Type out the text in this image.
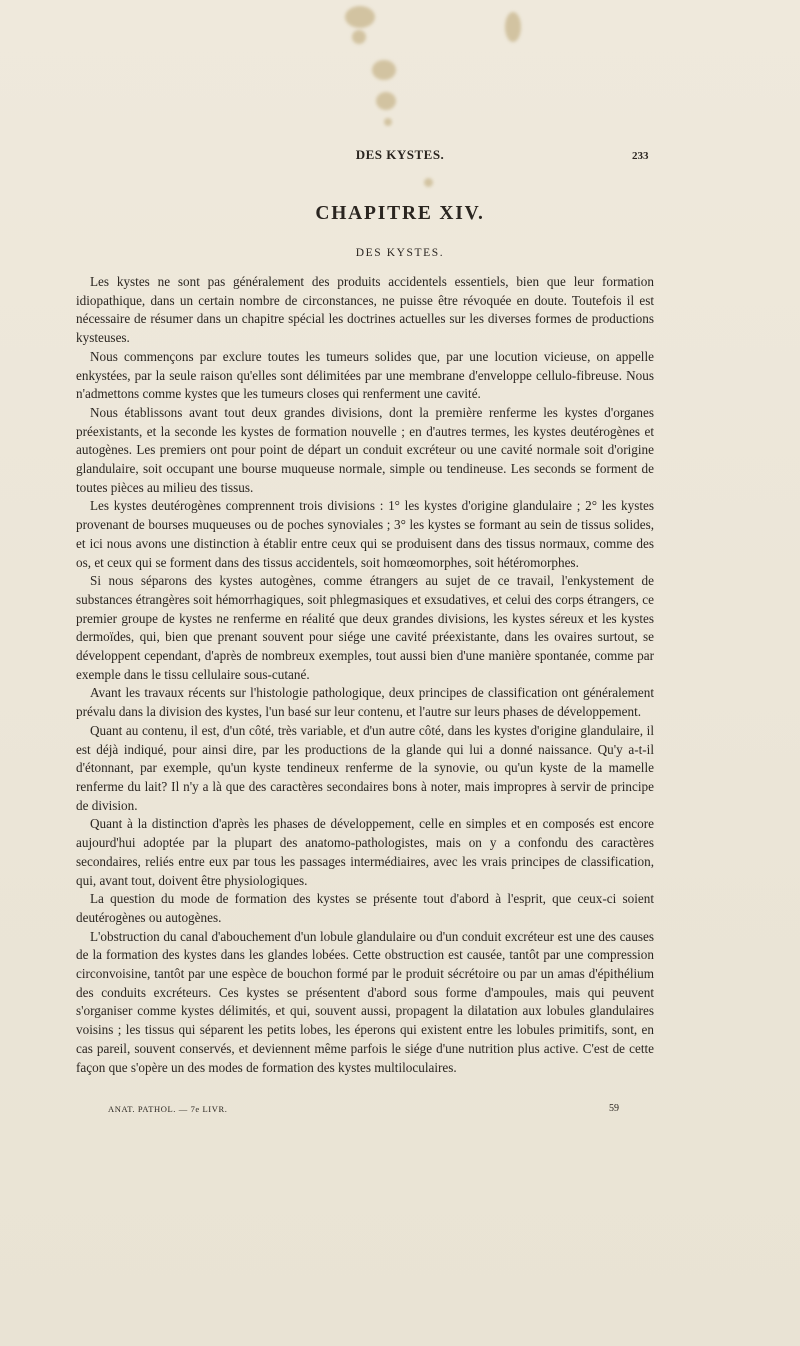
DES KYSTES.	233
CHAPITRE XIV.
DES KYSTES.

Les kystes ne sont pas généralement des produits accidentels essentiels, bien que leur formation idiopathique, dans un certain nombre de circonstances, ne puisse être révoquée en doute. Toutefois il est nécessaire de résumer dans un chapitre spécial les doctrines actuelles sur les diverses formes de productions kysteuses.

Nous commençons par exclure toutes les tumeurs solides que, par une locution vicieuse, on appelle enkystées, par la seule raison qu'elles sont délimitées par une membrane d'enveloppe cellulo-fibreuse. Nous n'admettons comme kystes que les tumeurs closes qui renferment une cavité.

Nous établissons avant tout deux grandes divisions, dont la première renferme les kystes d'organes préexistants, et la seconde les kystes de formation nouvelle ; en d'autres termes, les kystes deutérogènes et autogènes. Les premiers ont pour point de départ un conduit excréteur ou une cavité normale soit d'origine glandulaire, soit occupant une bourse muqueuse normale, simple ou tendineuse. Les seconds se forment de toutes pièces au milieu des tissus.

Les kystes deutérogènes comprennent trois divisions : 1° les kystes d'origine glandulaire ; 2° les kystes provenant de bourses muqueuses ou de poches synoviales ; 3° les kystes se formant au sein de tissus solides, et ici nous avons une distinction à établir entre ceux qui se produisent dans des tissus normaux, comme des os, et ceux qui se forment dans des tissus accidentels, soit homœomorphes, soit hétéromorphes.

Si nous séparons des kystes autogènes, comme étrangers au sujet de ce travail, l'enkystement de substances étrangères soit hémorrhagiques, soit phlegmasiques et exsudatives, et celui des corps étrangers, ce premier groupe de kystes ne renferme en réalité que deux grandes divisions, les kystes séreux et les kystes dermoïdes, qui, bien que prenant souvent pour siége une cavité préexistante, dans les ovaires surtout, se développent cependant, d'après de nombreux exemples, tout aussi bien d'une manière spontanée, comme par exemple dans le tissu cellulaire sous-cutané.

Avant les travaux récents sur l'histologie pathologique, deux principes de classification ont généralement prévalu dans la division des kystes, l'un basé sur leur contenu, et l'autre sur leurs phases de développement.

Quant au contenu, il est, d'un côté, très variable, et d'un autre côté, dans les kystes d'origine glandulaire, il est déjà indiqué, pour ainsi dire, par les productions de la glande qui lui a donné naissance. Qu'y a-t-il d'étonnant, par exemple, qu'un kyste tendineux renferme de la synovie, ou qu'un kyste de la mamelle renferme du lait? Il n'y a là que des caractères secondaires bons à noter, mais impropres à servir de principe de division.

Quant à la distinction d'après les phases de développement, celle en simples et en composés est encore aujourd'hui adoptée par la plupart des anatomo-pathologistes, mais on y a confondu des caractères secondaires, reliés entre eux par tous les passages intermédiaires, avec les vrais principes de classification, qui, avant tout, doivent être physiologiques.

La question du mode de formation des kystes se présente tout d'abord à l'esprit, que ceux-ci soient deutérogènes ou autogènes.

L'obstruction du canal d'abouchement d'un lobule glandulaire ou d'un conduit excréteur est une des causes de la formation des kystes dans les glandes lobées. Cette obstruction est causée, tantôt par une compression circonvoisine, tantôt par une espèce de bouchon formé par le produit sécrétoire ou par un amas d'épithélium des conduits excréteurs. Ces kystes se présentent d'abord sous forme d'ampoules, mais qui peuvent s'organiser comme kystes délimités, et qui, souvent aussi, propagent la dilatation aux lobules glandulaires voisins ; les tissus qui séparent les petits lobes, les éperons qui existent entre les lobules primitifs, sont, en cas pareil, souvent conservés, et deviennent même parfois le siége d'une nutrition plus active. C'est de cette façon que s'opère un des modes de formation des kystes multiloculaires.

ANAT. PATHOL. — 7e LIVR.	59
